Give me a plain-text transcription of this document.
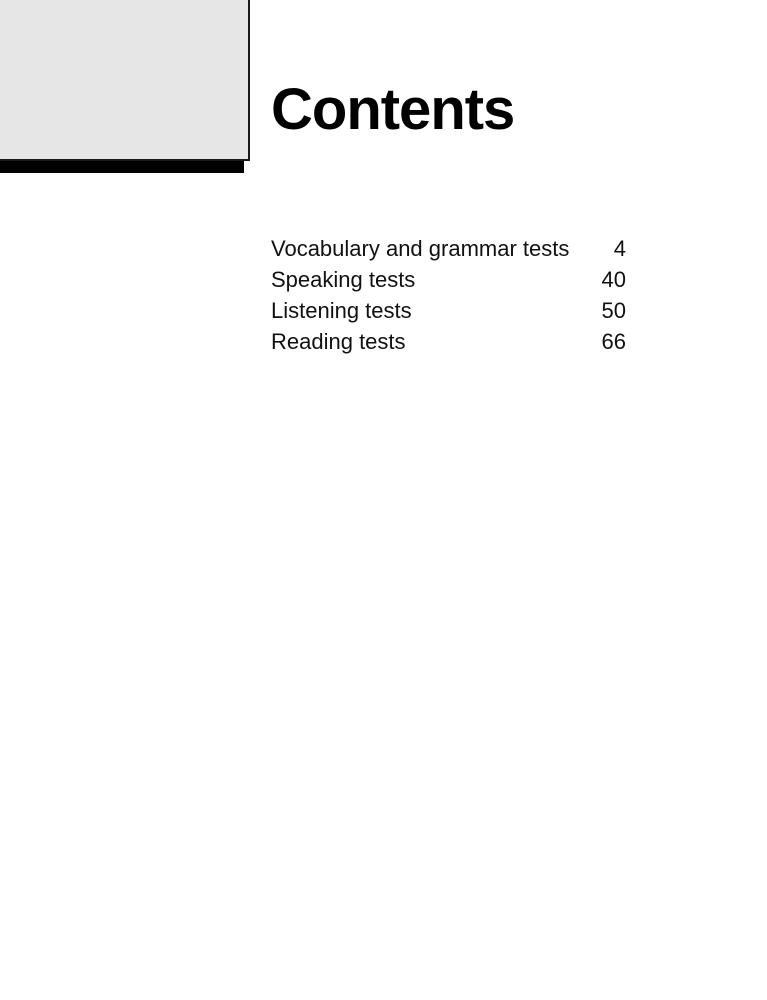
Contents
Vocabulary and grammar tests 4
Speaking tests	40
Listening tests	50
Reading tests	66
